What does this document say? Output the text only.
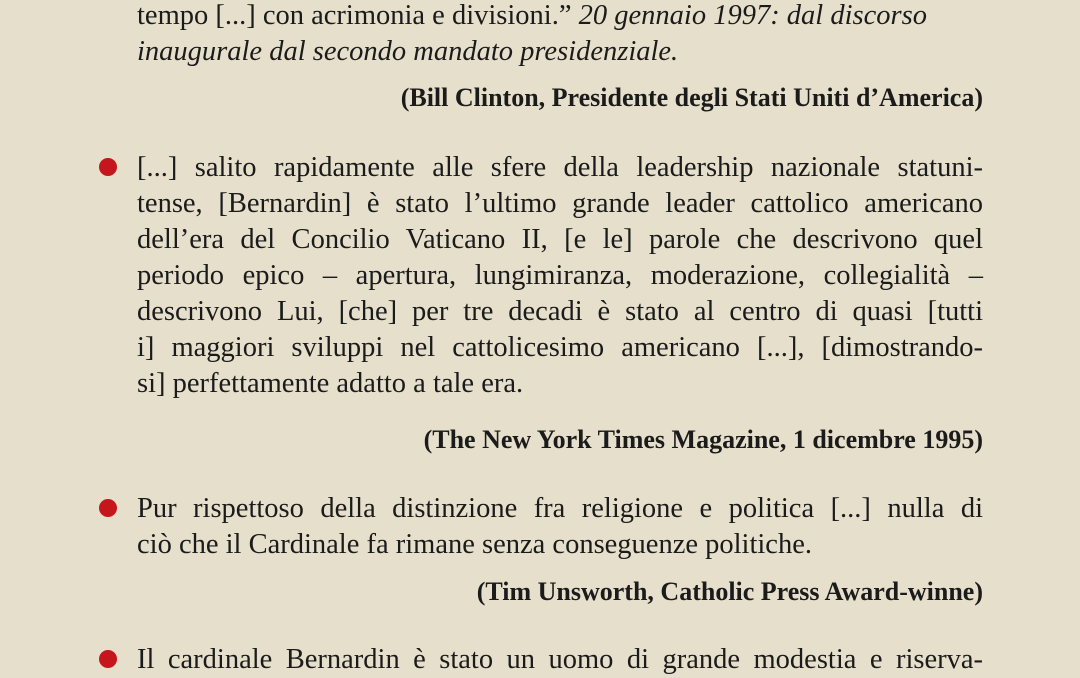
tempo [...] con acrimonia e divisioni.” 20 gennaio 1997: dal discorso
inaugurale dal secondo mandato presidenziale.
(Bill Clinton, Presidente degli Stati Uniti d’America)
[...] salito rapidamente alle sfere della leadership nazionale statuni-
tense, [Bernardin] è stato l’ultimo grande leader cattolico americano
dell’era del Concilio Vaticano II, [e le] parole che descrivono quel
periodo epico – apertura, lungimiranza, moderazione, collegialità –
descrivono Lui, [che] per tre decadi è stato al centro di quasi [tutti
i] maggiori sviluppi nel cattolicesimo americano [...], [dimostrando-
si] perfettamente adatto a tale era.
(The New York Times Magazine, 1 dicembre 1995)
Pur rispettoso della distinzione fra religione e politica [...] nulla di
ciò che il Cardinale fa rimane senza conseguenze politiche.
(Tim Unsworth, Catholic Press Award-winne)
Il cardinale Bernardin è stato un uomo di grande modestia e riserva-
